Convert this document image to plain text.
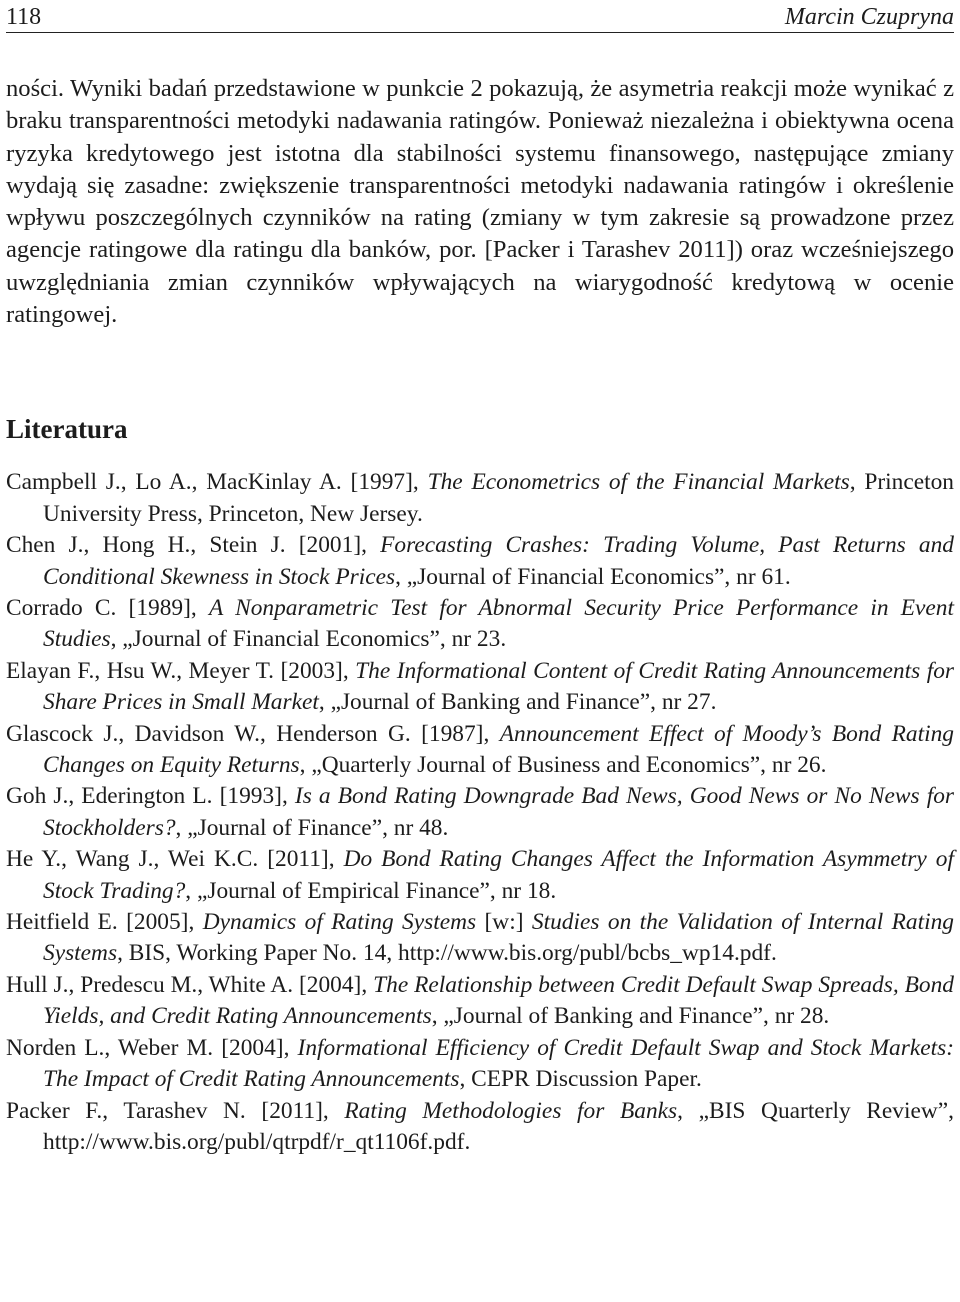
118	Marcin Czupryna
ności. Wyniki badań przedstawione w punkcie 2 pokazują, że asymetria reakcji może wynikać z braku transparentności metodyki nadawania ratingów. Ponieważ niezależna i obiektywna ocena ryzyka kredytowego jest istotna dla stabilności systemu finansowego, następujące zmiany wydają się zasadne: zwiększenie transparentności metodyki nadawania ratingów i określenie wpływu poszczególnych czynników na rating (zmiany w tym zakresie są prowadzone przez agencje ratingowe dla ratingu dla banków, por. [Packer i Tarashev 2011]) oraz wcześniejszego uwzględniania zmian czynników wpływających na wiarygodność kredytową w ocenie ratingowej.
Literatura

Campbell J., Lo A., MacKinlay A. [1997], The Econometrics of the Financial Markets, Princeton University Press, Princeton, New Jersey.

Chen J., Hong H., Stein J. [2001], Forecasting Crashes: Trading Volume, Past Returns and Conditional Skewness in Stock Prices, „Journal of Financial Economics”, nr 61.

Corrado C. [1989], A Nonparametric Test for Abnormal Security Price Performance in Event Studies, „Journal of Financial Economics”, nr 23.

Elayan F., Hsu W., Meyer T. [2003], The Informational Content of Credit Rating Announcements for Share Prices in Small Market, „Journal of Banking and Finance”, nr 27.

Glascock J., Davidson W., Henderson G. [1987], Announcement Effect of Moody’s Bond Rating Changes on Equity Returns, „Quarterly Journal of Business and Economics”, nr 26.

Goh J., Ederington L. [1993], Is a Bond Rating Downgrade Bad News, Good News or No News for Stockholders?, „Journal of Finance”, nr 48.

He Y., Wang J., Wei K.C. [2011], Do Bond Rating Changes Affect the Information Asymmetry of Stock Trading?, „Journal of Empirical Finance”, nr 18.

Heitfield E. [2005], Dynamics of Rating Systems [w:] Studies on the Validation of Internal Rating Systems, BIS, Working Paper No. 14, http://www.bis.org/publ/bcbs_wp14.pdf.

Hull J., Predescu M., White A. [2004], The Relationship between Credit Default Swap Spreads, Bond Yields, and Credit Rating Announcements, „Journal of Banking and Finance”, nr 28.

Norden L., Weber M. [2004], Informational Efficiency of Credit Default Swap and Stock Markets: The Impact of Credit Rating Announcements, CEPR Discussion Paper.

Packer F., Tarashev N. [2011], Rating Methodologies for Banks, „BIS Quarterly Review”, http://www.bis.org/publ/qtrpdf/r_qt1106f.pdf.
